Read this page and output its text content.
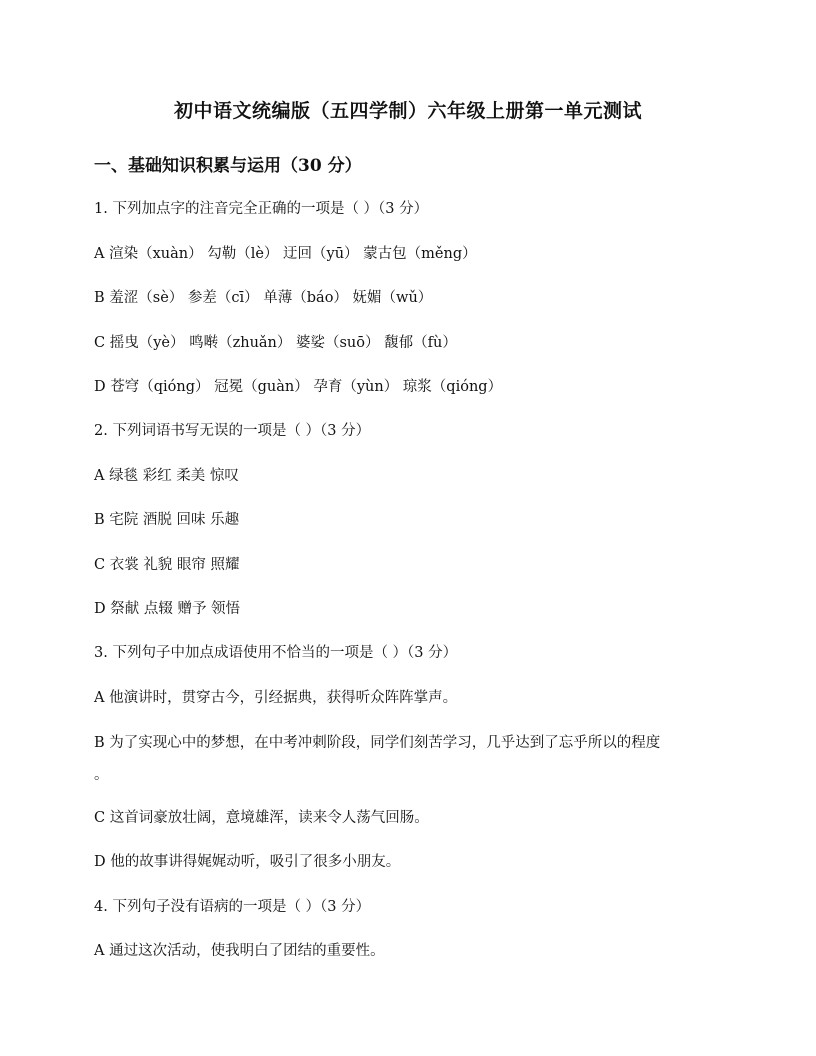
初中语文统编版（五四学制）六年级上册第一单元测试
一、基础知识积累与运用（30 分）
1. 下列加点字的注音完全正确的一项是（ ）（3 分）
A 渲染（xuàn） 勾勒（lè） 迂回（yū） 蒙古包（měng）
B 羞涩（sè） 参差（cī） 单薄（báo） 妩媚（wǔ）
C 摇曳（yè） 鸣啭（zhuǎn） 婆娑（suō） 馥郁（fù）
D 苍穹（qióng） 冠冕（guàn） 孕育（yùn） 琼浆（qióng）
2. 下列词语书写无误的一项是（ ）（3 分）
A 绿毯 彩红 柔美 惊叹
B 宅院 酒脱 回味 乐趣
C 衣裳 礼貌 眼帘 照耀
D 祭献 点辍 赠予 领悟
3. 下列句子中加点成语使用不恰当的一项是（ ）（3 分）
A 他演讲时，贯穿古今，引经据典，获得听众阵阵掌声。
B 为了实现心中的梦想，在中考冲刺阶段，同学们刻苦学习，几乎达到了忘乎所以的程度
。
C 这首词豪放壮阔，意境雄浑，读来令人荡气回肠。
D 他的故事讲得娓娓动听，吸引了很多小朋友。
4. 下列句子没有语病的一项是（ ）（3 分）
A 通过这次活动，使我明白了团结的重要性。
